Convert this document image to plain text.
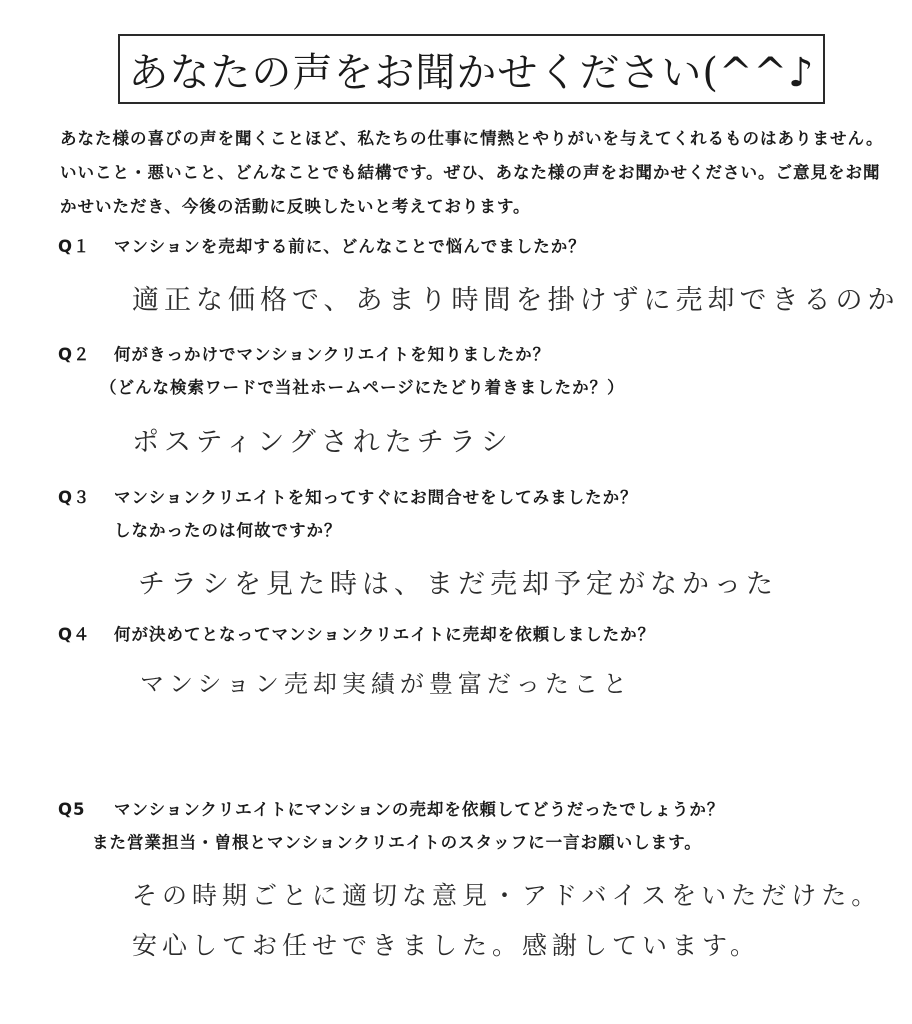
あなたの声をお聞かせください(^^♪
あなた様の喜びの声を聞くことほど、私たちの仕事に情熱とやりがいを与えてくれるものはありません。いいこと・悪いこと、どんなことでも結構です。ぜひ、あなた様の声をお聞かせください。ご意見をお聞かせいただき、今後の活動に反映したいと考えております。
Q１ マンションを売却する前に、どんなことで悩んでましたか？
適正な価格で、あまり時間を掛けずに売却できるのか
Q２ 何がきっかけでマンションクリエイトを知りましたか？
（どんな検索ワードで当社ホームページにたどり着きましたか？）
ポスティングされたチラシ
Q３ マンションクリエイトを知ってすぐにお問合せをしてみましたか？
しなかったのは何故ですか？
チラシを見た時は、まだ売却予定がなかった
Q４ 何が決めてとなってマンションクリエイトに売却を依頼しましたか？
マンション売却実績が豊富だったこと
Q5 マンションクリエイトにマンションの売却を依頼してどうだったでしょうか？
また営業担当・曽根とマンションクリエイトのスタッフに一言お願いします。
その時期ごとに適切な意見・アドバイスをいただけた。
安心してお任せできました。感謝しています。
